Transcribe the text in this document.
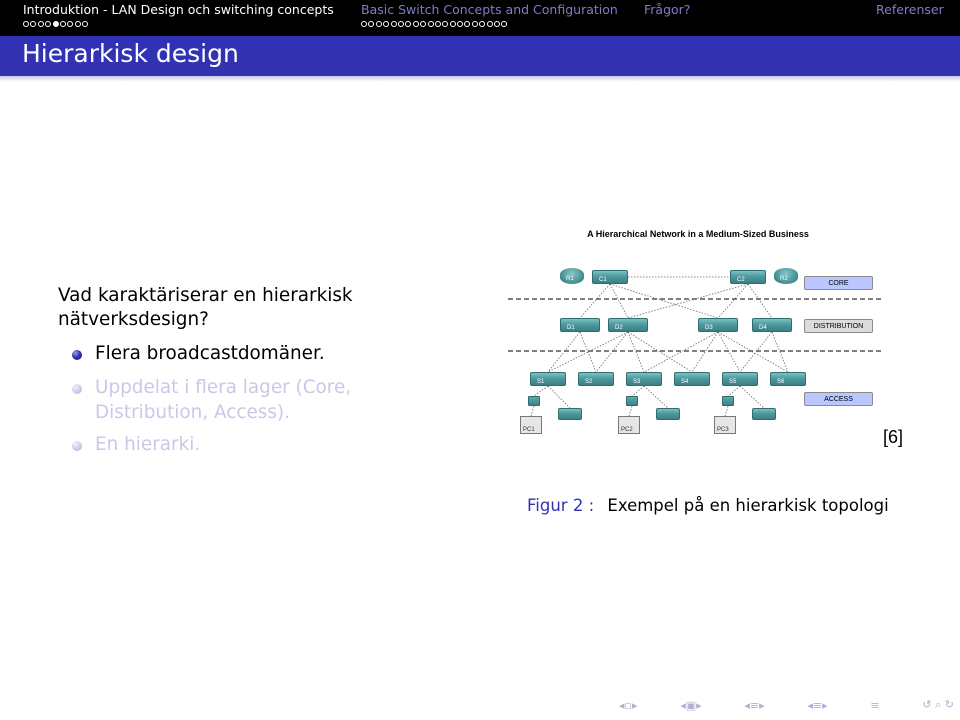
Introduktion - LAN Design och switching concepts Basic Switch Concepts and Configuration Frågor?	Referenser
Hierarkisk design
Vad karaktäriserar en hierarkisk nätverksdesign?
Flera broadcastdomäner.
Uppdelat i flera lager (Core, Distribution, Access).
En hierarki.
A Hierarchical Network in a Medium-Sized Business
R1	C1	C2	R2
D1	D2	D3	D4
S1	S2	S3	S4	S5	S6
PC1	PC2	PC3
CORE
DISTRIBUTION
ACCESS
[6]
Figur 2 : Exempel på en hierarkisk topologi
◂▫▸	◂▣▸	◂≡▸	◂≡▸	≡	↺ ⌕ ↻
